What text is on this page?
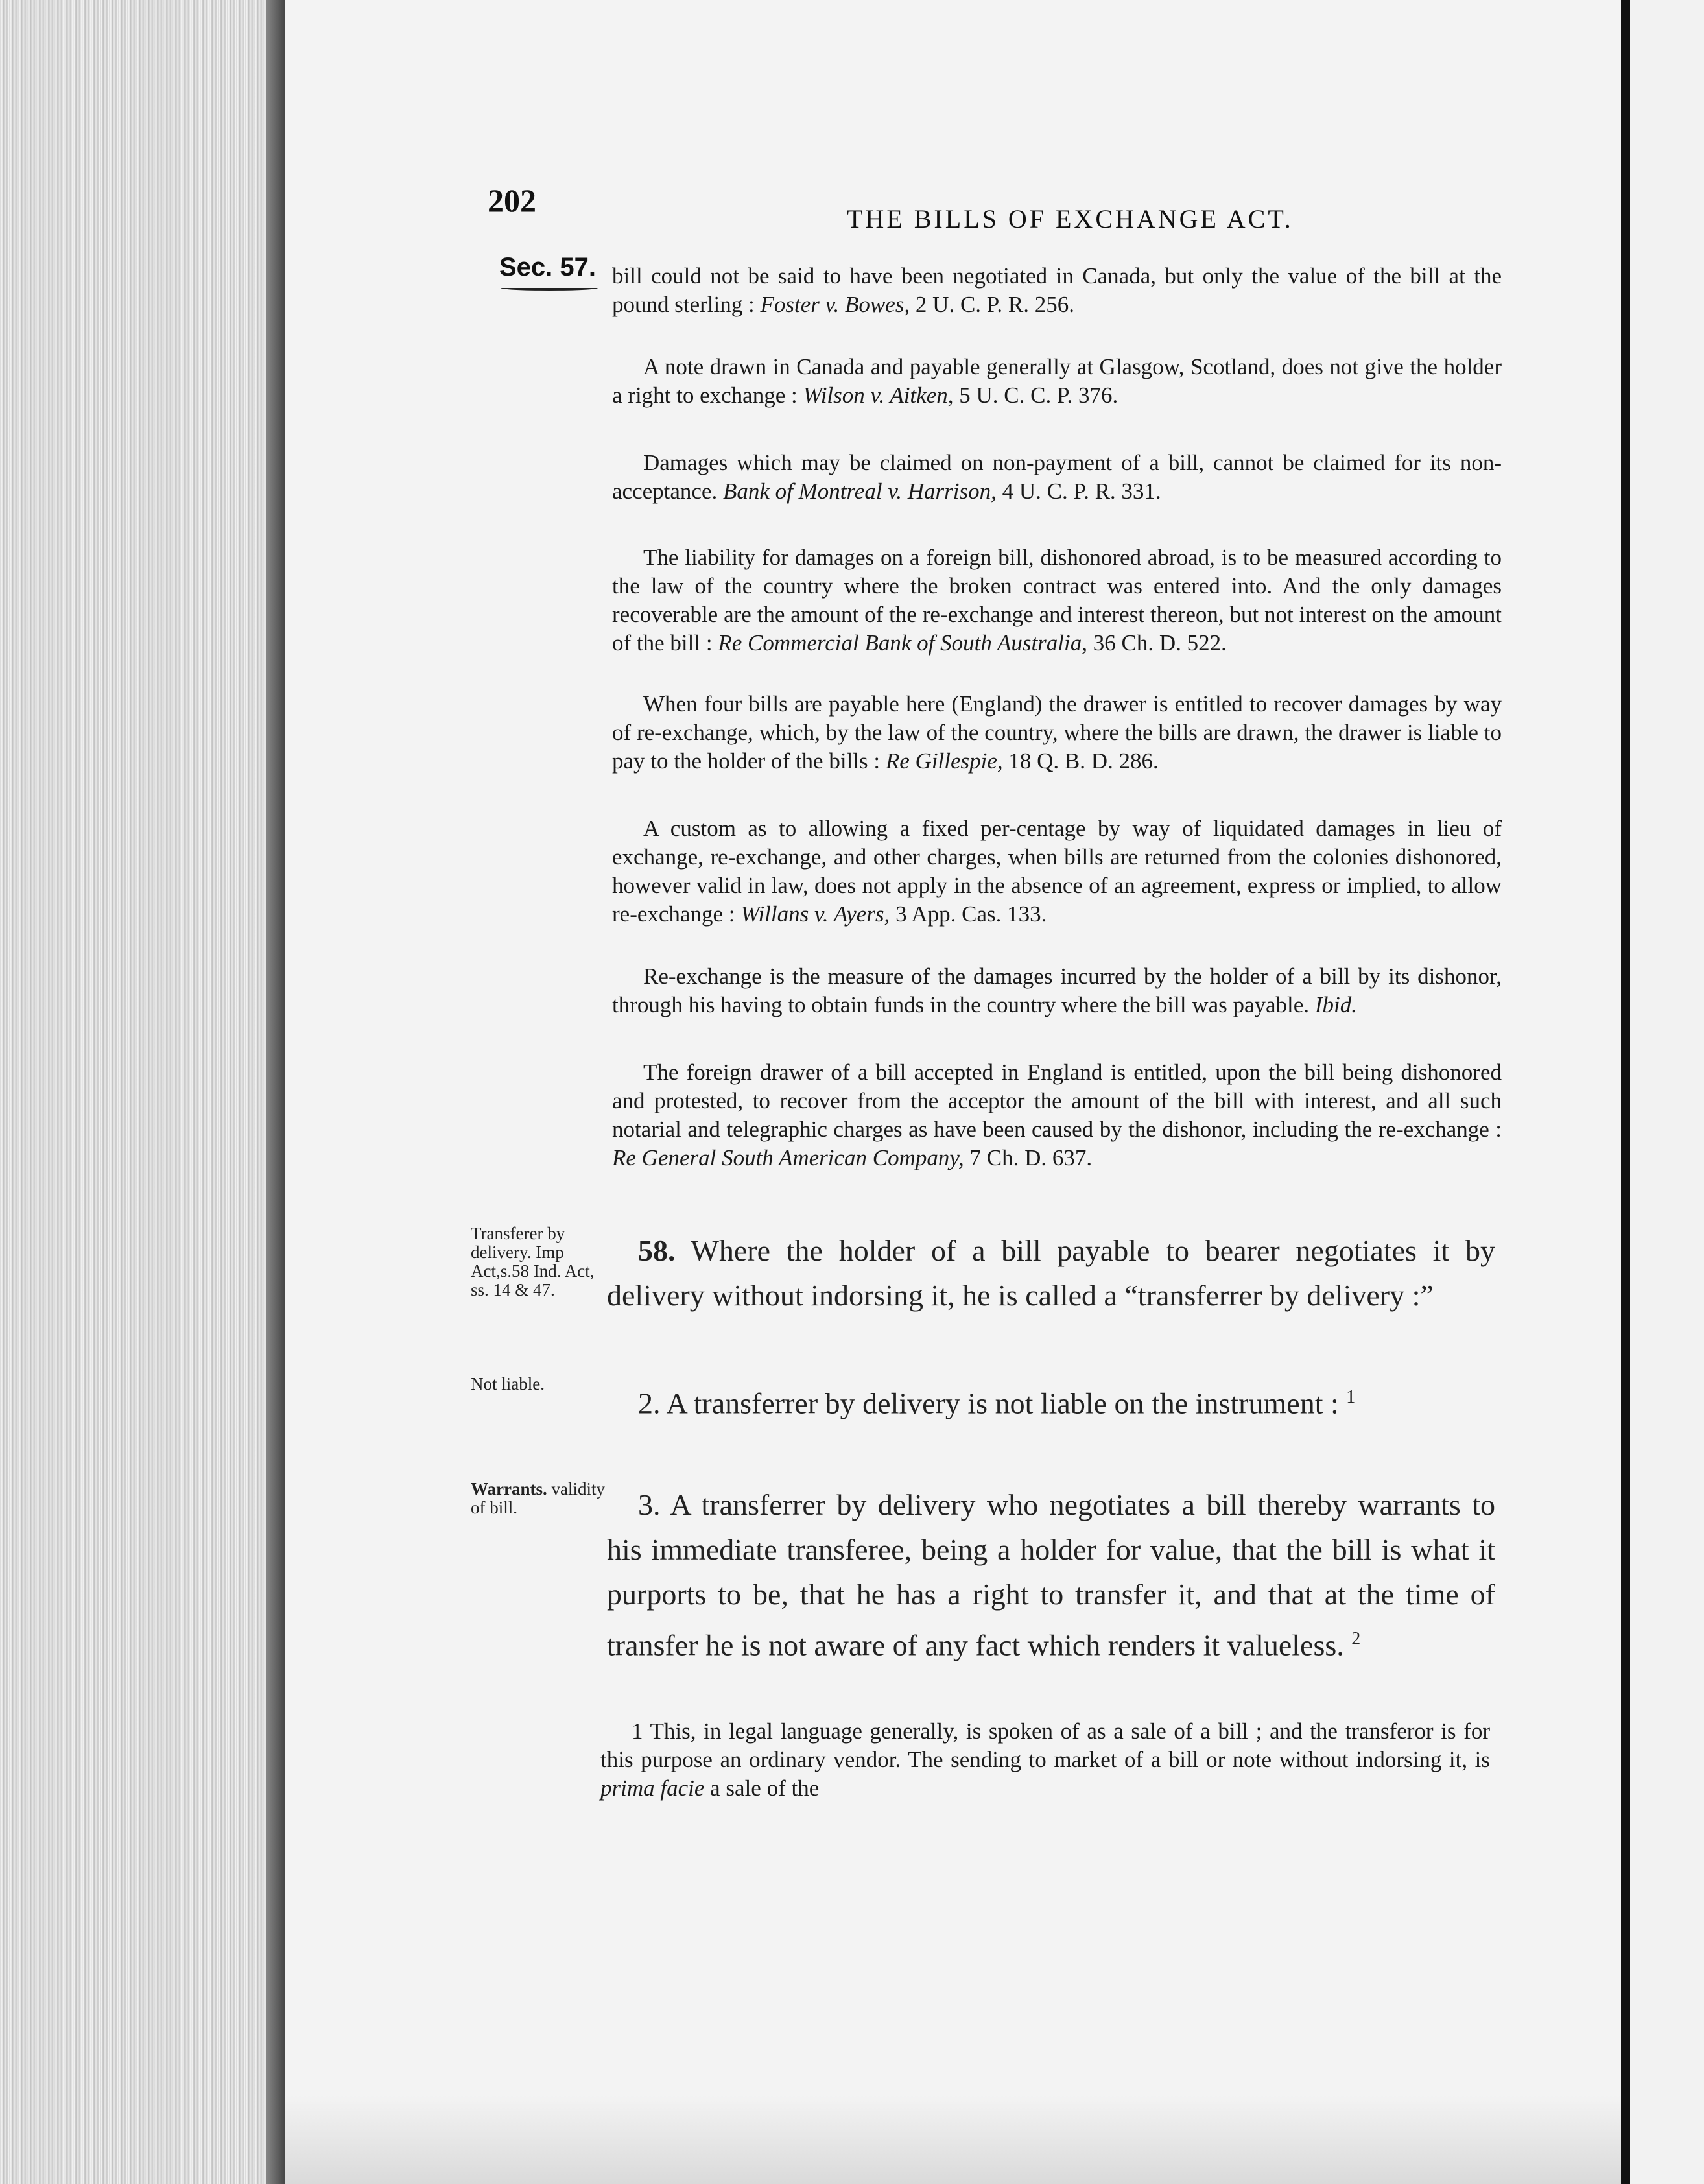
202
THE BILLS OF EXCHANGE ACT.
Sec. 57. bill could not be said to have been negotiated in Canada, but only the value of the bill at the pound sterling : Foster v. Bowes, 2 U. C. P. R. 256.

A note drawn in Canada and payable generally at Glasgow, Scotland, does not give the holder a right to exchange : Wilson v. Aitken, 5 U. C. C. P. 376.

Damages which may be claimed on non-payment of a bill, cannot be claimed for its non-acceptance. Bank of Montreal v. Harrison, 4 U. C. P. R. 331.

The liability for damages on a foreign bill, dishonored abroad, is to be measured according to the law of the country where the broken contract was entered into. And the only damages recoverable are the amount of the re-exchange and interest thereon, but not interest on the amount of the bill : Re Commercial Bank of South Australia, 36 Ch. D. 522.

When four bills are payable here (England) the drawer is entitled to recover damages by way of re-exchange, which, by the law of the country, where the bills are drawn, the drawer is liable to pay to the holder of the bills : Re Gillespie, 18 Q. B. D. 286.

A custom as to allowing a fixed per-centage by way of liquidated damages in lieu of exchange, re-exchange, and other charges, when bills are returned from the colonies dishonored, however valid in law, does not apply in the absence of an agreement, express or implied, to allow re-exchange : Willans v. Ayers, 3 App. Cas. 133.

Re-exchange is the measure of the damages incurred by the holder of a bill by its dishonor, through his having to obtain funds in the country where the bill was payable. Ibid.

The foreign drawer of a bill accepted in England is entitled, upon the bill being dishonored and protested, to recover from the acceptor the amount of the bill with interest, and all such notarial and telegraphic charges as have been caused by the dishonor, including the re-exchange : Re General South American Company, 7 Ch. D. 637.

Transferer by delivery. Imp Act,s.58 Ind. Act, ss. 14 & 47.

Not liable.

Warrants. validity of bill.

58. Where the holder of a bill payable to bearer negotiates it by delivery without indorsing it, he is called a “transferrer by delivery :”

2. A transferrer by delivery is not liable on the instrument : $^1$

3. A transferrer by delivery who negotiates a bill thereby warrants to his immediate transferee, being a holder for value, that the bill is what it purports to be, that he has a right to transfer it, and that at the time of transfer he is not aware of any fact which renders it valueless. $^2$

1 This, in legal language generally, is spoken of as a sale of a bill ; and the transferor is for this purpose an ordinary vendor. The sending to market of a bill or note without indorsing it, is prima facie a sale of the
